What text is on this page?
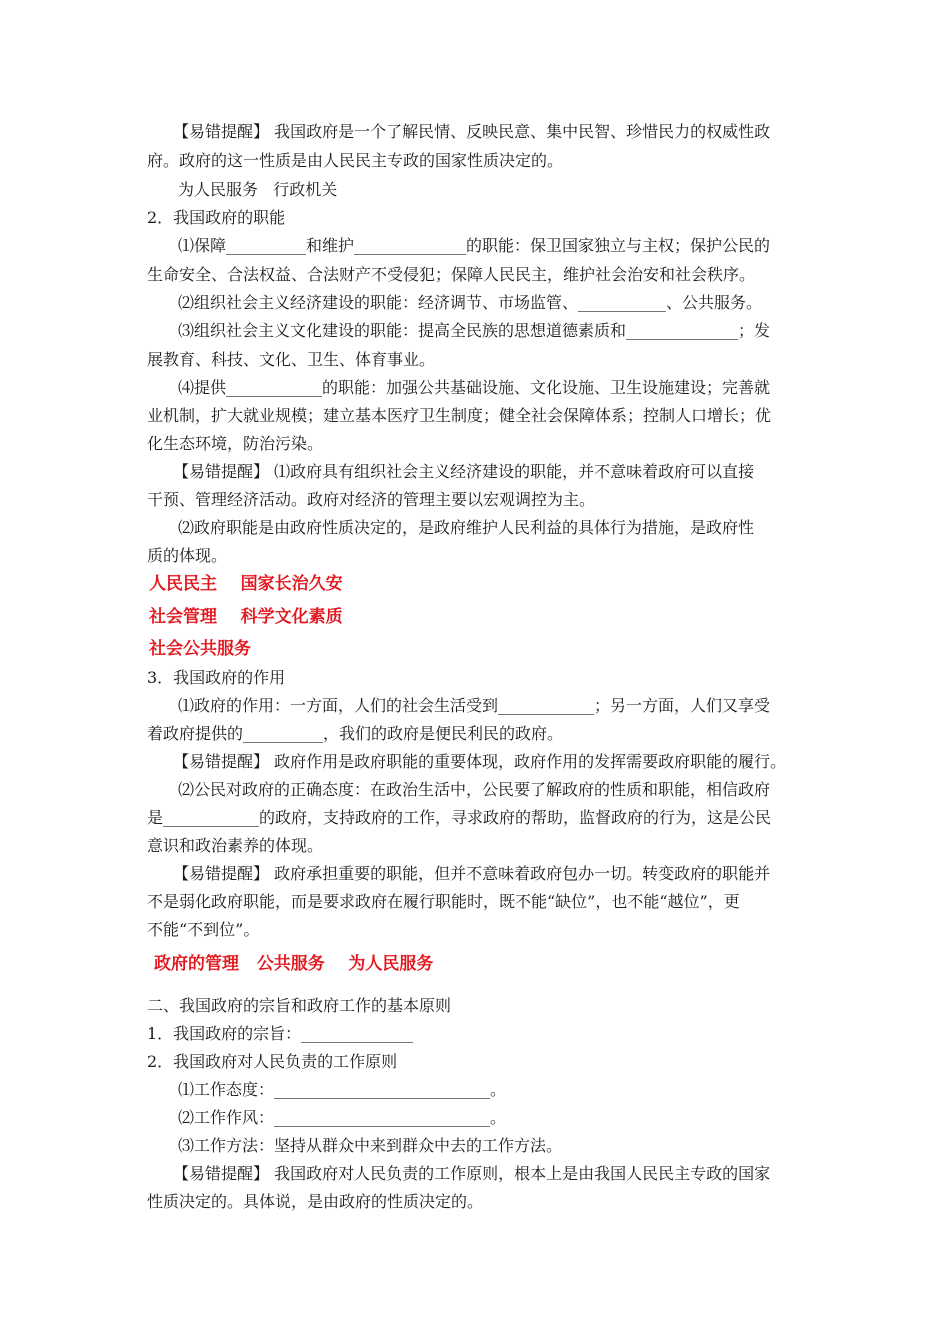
【易错提醒】 我国政府是一个了解民情、反映民意、集中民智、珍惜民力的权威性政
府。政府的这一性质是由人民民主专政的国家性质决定的。
为人民服务   行政机关
2．我国政府的职能
⑴保障__________和维护______________的职能：保卫国家独立与主权；保护公民的
生命安全、合法权益、合法财产不受侵犯；保障人民民主，维护社会治安和社会秩序。
⑵组织社会主义经济建设的职能：经济调节、市场监管、___________、公共服务。
⑶组织社会主义文化建设的职能：提高全民族的思想道德素质和______________；发
展教育、科技、文化、卫生、体育事业。
⑷提供____________的职能：加强公共基础设施、文化设施、卫生设施建设；完善就
业机制，扩大就业规模；建立基本医疗卫生制度；健全社会保障体系；控制人口增长；优
化生态环境，防治污染。
【易错提醒】 ⑴政府具有组织社会主义经济建设的职能，并不意味着政府可以直接
干预、管理经济活动。政府对经济的管理主要以宏观调控为主。
⑵政府职能是由政府性质决定的，是政府维护人民利益的具体行为措施，是政府性
质的体现。
人民民主    国家长治久安
社会管理    科学文化素质
社会公共服务
3．我国政府的作用
⑴政府的作用：一方面，人们的社会生活受到____________；另一方面，人们又享受
着政府提供的__________，我们的政府是便民利民的政府。
【易错提醒】 政府作用是政府职能的重要体现，政府作用的发挥需要政府职能的履行。
⑵公民对政府的正确态度：在政治生活中，公民要了解政府的性质和职能，相信政府
是____________的政府，支持政府的工作，寻求政府的帮助，监督政府的行为，这是公民
意识和政治素养的体现。
【易错提醒】 政府承担重要的职能，但并不意味着政府包办一切。转变政府的职能并
不是弱化政府职能，而是要求政府在履行职能时，既不能“缺位”，也不能“越位”，更
不能“不到位”。
政府的管理   公共服务    为人民服务
二、我国政府的宗旨和政府工作的基本原则
1．我国政府的宗旨：______________
2．我国政府对人民负责的工作原则
⑴工作态度：___________________________。
⑵工作作风：___________________________。
⑶工作方法：坚持从群众中来到群众中去的工作方法。
【易错提醒】 我国政府对人民负责的工作原则，根本上是由我国人民民主专政的国家
性质决定的。具体说，是由政府的性质决定的。
